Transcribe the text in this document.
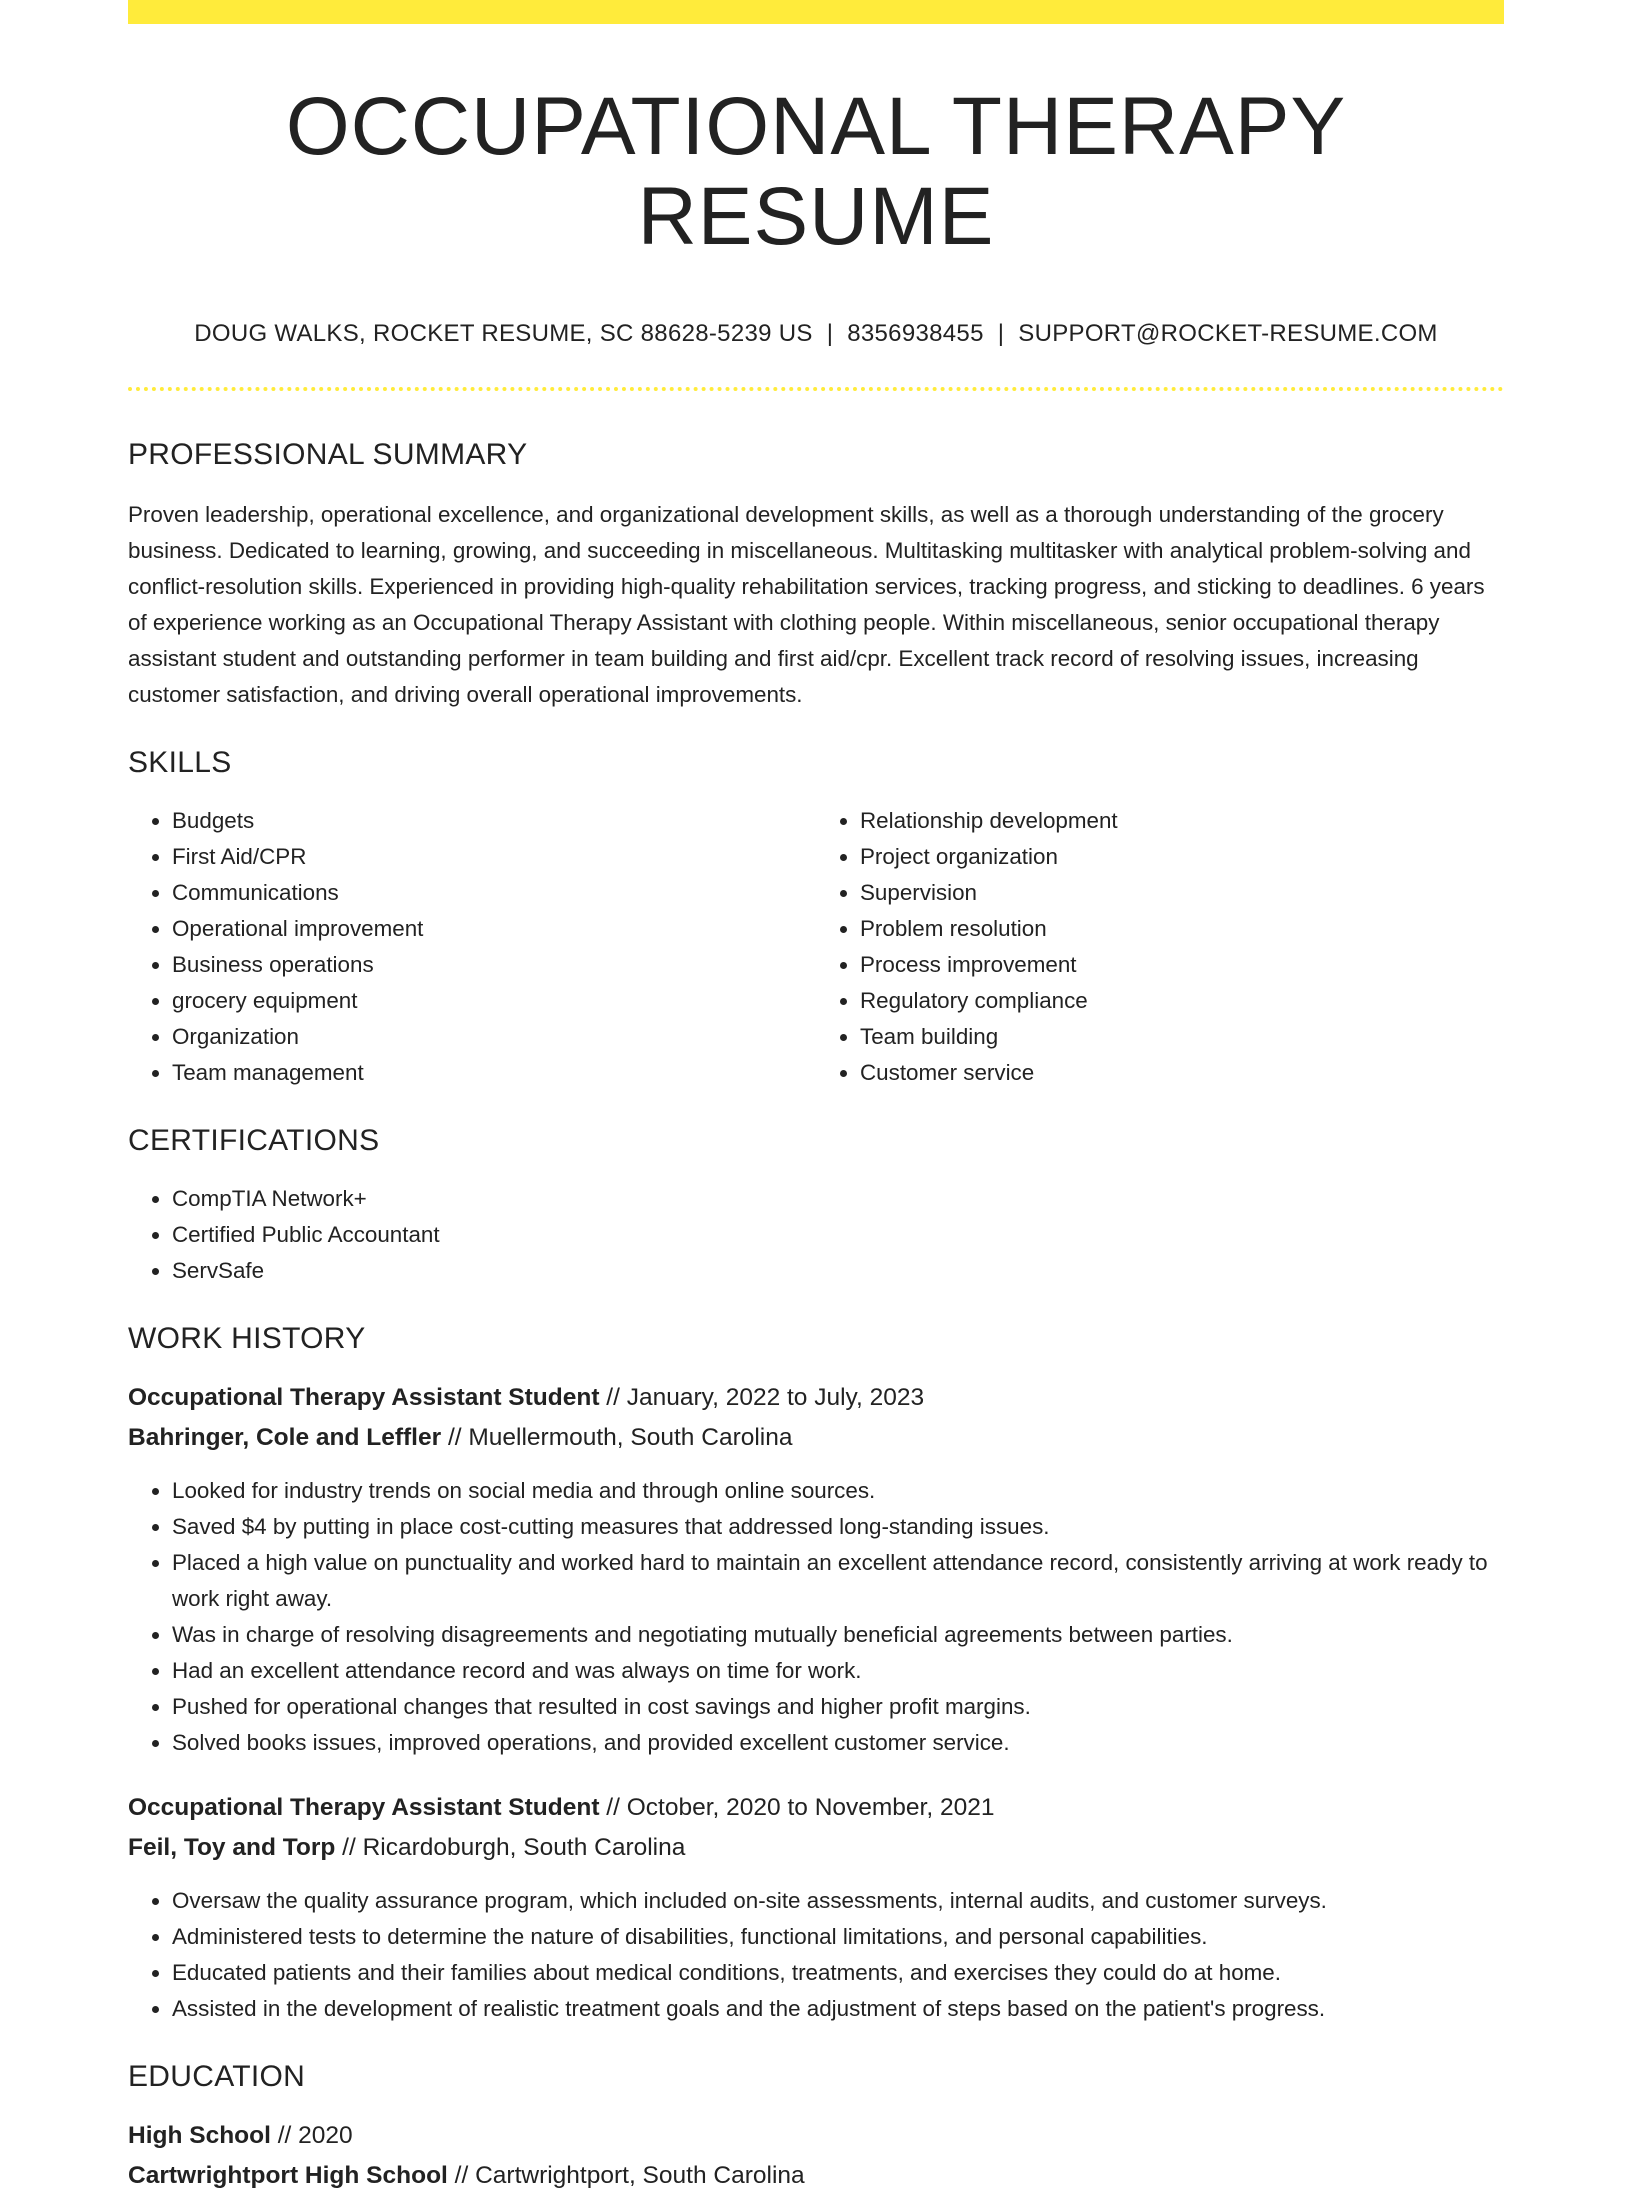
OCCUPATIONAL THERAPY RESUME
DOUG WALKS, ROCKET RESUME, SC 88628-5239 US | 8356938455 | SUPPORT@ROCKET-RESUME.COM
PROFESSIONAL SUMMARY

Proven leadership, operational excellence, and organizational development skills, as well as a thorough understanding of the grocery business. Dedicated to learning, growing, and succeeding in miscellaneous. Multitasking multitasker with analytical problem-solving and conflict-resolution skills. Experienced in providing high-quality rehabilitation services, tracking progress, and sticking to deadlines. 6 years of experience working as an Occupational Therapy Assistant with clothing people. Within miscellaneous, senior occupational therapy assistant student and outstanding performer in team building and first aid/cpr. Excellent track record of resolving issues, increasing customer satisfaction, and driving overall operational improvements.

SKILLS
• Budgets
• First Aid/CPR
• Communications
• Operational improvement
• Business operations
• grocery equipment
• Organization
• Team management
• Relationship development
• Project organization
• Supervision
• Problem resolution
• Process improvement
• Regulatory compliance
• Team building
• Customer service
CERTIFICATIONS
• CompTIA Network+
• Certified Public Accountant
• ServSafe
WORK HISTORY
Occupational Therapy Assistant Student // January, 2022 to July, 2023
Bahringer, Cole and Leffler // Muellermouth, South Carolina
• Looked for industry trends on social media and through online sources.
• Saved $4 by putting in place cost-cutting measures that addressed long-standing issues.
• Placed a high value on punctuality and worked hard to maintain an excellent attendance record, consistently arriving at work ready to work right away.
• Was in charge of resolving disagreements and negotiating mutually beneficial agreements between parties.
• Had an excellent attendance record and was always on time for work.
• Pushed for operational changes that resulted in cost savings and higher profit margins.
• Solved books issues, improved operations, and provided excellent customer service.
Occupational Therapy Assistant Student // October, 2020 to November, 2021
Feil, Toy and Torp // Ricardoburgh, South Carolina
• Oversaw the quality assurance program, which included on-site assessments, internal audits, and customer surveys.
• Administered tests to determine the nature of disabilities, functional limitations, and personal capabilities.
• Educated patients and their families about medical conditions, treatments, and exercises they could do at home.
• Assisted in the development of realistic treatment goals and the adjustment of steps based on the patient's progress.
EDUCATION
High School // 2020
Cartwrightport High School // Cartwrightport, South Carolina
